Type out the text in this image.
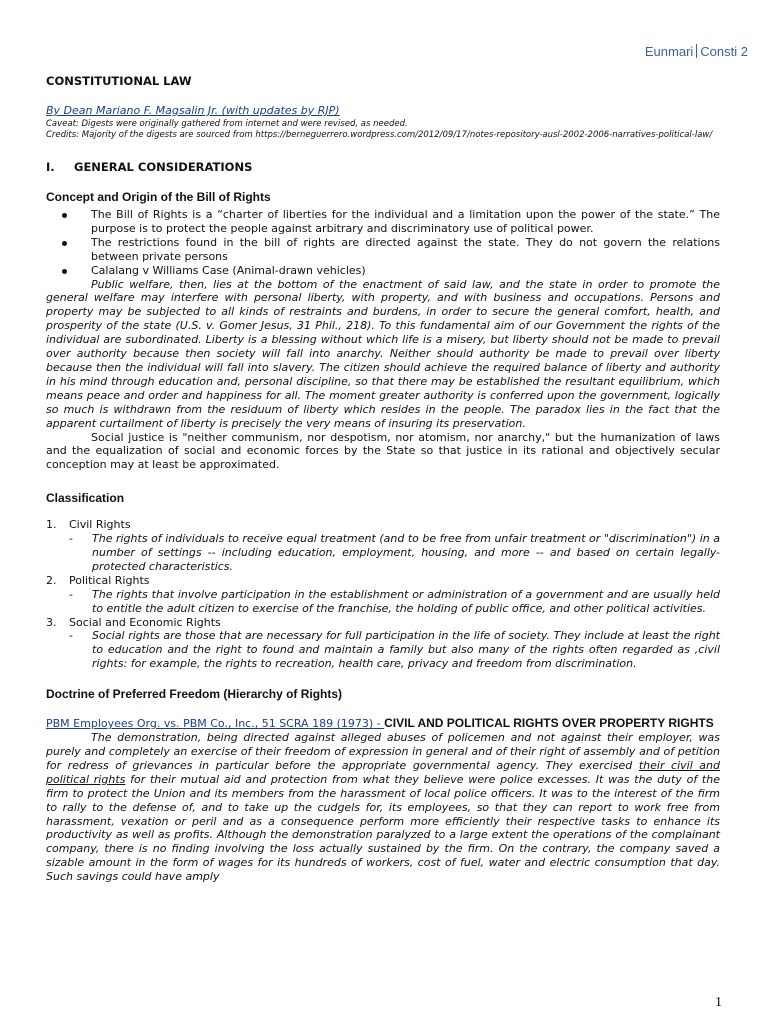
Eunmari Consti 2
CONSTITUTIONAL LAW
By Dean Mariano F. Magsalin Jr. (with updates by RJP)
Caveat: Digests were originally gathered from internet and were revised, as needed.
Credits: Majority of the digests are sourced from https://berneguerrero.wordpress.com/2012/09/17/notes-repository-ausl-2002-2006-narratives-political-law/
I. GENERAL CONSIDERATIONS
Concept and Origin of the Bill of Rights
The Bill of Rights is a “charter of liberties for the individual and a limitation upon the power of the state.” The purpose is to protect the people against arbitrary and discriminatory use of political power.
The restrictions found in the bill of rights are directed against the state. They do not govern the relations between private persons
Calalang v Williams Case (Animal-drawn vehicles)

Public welfare, then, lies at the bottom of the enactment of said law, and the state in order to promote the general welfare may interfere with personal liberty, with property, and with business and occupations. Persons and property may be subjected to all kinds of restraints and burdens, in order to secure the general comfort, health, and prosperity of the state (U.S. v. Gomer Jesus, 31 Phil., 218). To this fundamental aim of our Government the rights of the individual are subordinated. Liberty is a blessing without which life is a misery, but liberty should not be made to prevail over authority because then society will fall into anarchy. Neither should authority be made to prevail over liberty because then the individual will fall into slavery. The citizen should achieve the required balance of liberty and authority in his mind through education and, personal discipline, so that there may be established the resultant equilibrium, which means peace and order and happiness for all. The moment greater authority is conferred upon the government, logically so much is withdrawn from the residuum of liberty which resides in the people. The paradox lies in the fact that the apparent curtailment of liberty is precisely the very means of insuring its preservation.

Social justice is "neither communism, nor despotism, nor atomism, nor anarchy," but the humanization of laws and the equalization of social and economic forces by the State so that justice in its rational and objectively secular conception may at least be approximated.

Classification
1. Civil Rights
- The rights of individuals to receive equal treatment (and to be free from unfair treatment or "discrimination") in a number of settings -- including education, employment, housing, and more -- and based on certain legally-protected characteristics.
2. Political Rights
- The rights that involve participation in the establishment or administration of a government and are usually held to entitle the adult citizen to exercise of the franchise, the holding of public office, and other political activities.
3. Social and Economic Rights
- Social rights are those that are necessary for full participation in the life of society. They include at least the right to education and the right to found and maintain a family but also many of the rights often regarded as ‚civil rights: for example, the rights to recreation, health care, privacy and freedom from discrimination.
Doctrine of Preferred Freedom (Hierarchy of Rights)
PBM Employees Org. vs. PBM Co., Inc., 51 SCRA 189 (1973) - CIVIL AND POLITICAL RIGHTS OVER PROPERTY RIGHTS

The demonstration, being directed against alleged abuses of policemen and not against their employer, was purely and completely an exercise of their freedom of expression in general and of their right of assembly and of petition for redress of grievances in particular before the appropriate governmental agency. They exercised their civil and political rights for their mutual aid and protection from what they believe were police excesses. It was the duty of the firm to protect the Union and its members from the harassment of local police officers. It was to the interest of the firm to rally to the defense of, and to take up the cudgels for, its employees, so that they can report to work free from harassment, vexation or peril and as a consequence perform more efficiently their respective tasks to enhance its productivity as well as profits. Although the demonstration paralyzed to a large extent the operations of the complainant company, there is no finding involving the loss actually sustained by the firm. On the contrary, the company saved a sizable amount in the form of wages for its hundreds of workers, cost of fuel, water and electric consumption that day. Such savings could have amply

1
